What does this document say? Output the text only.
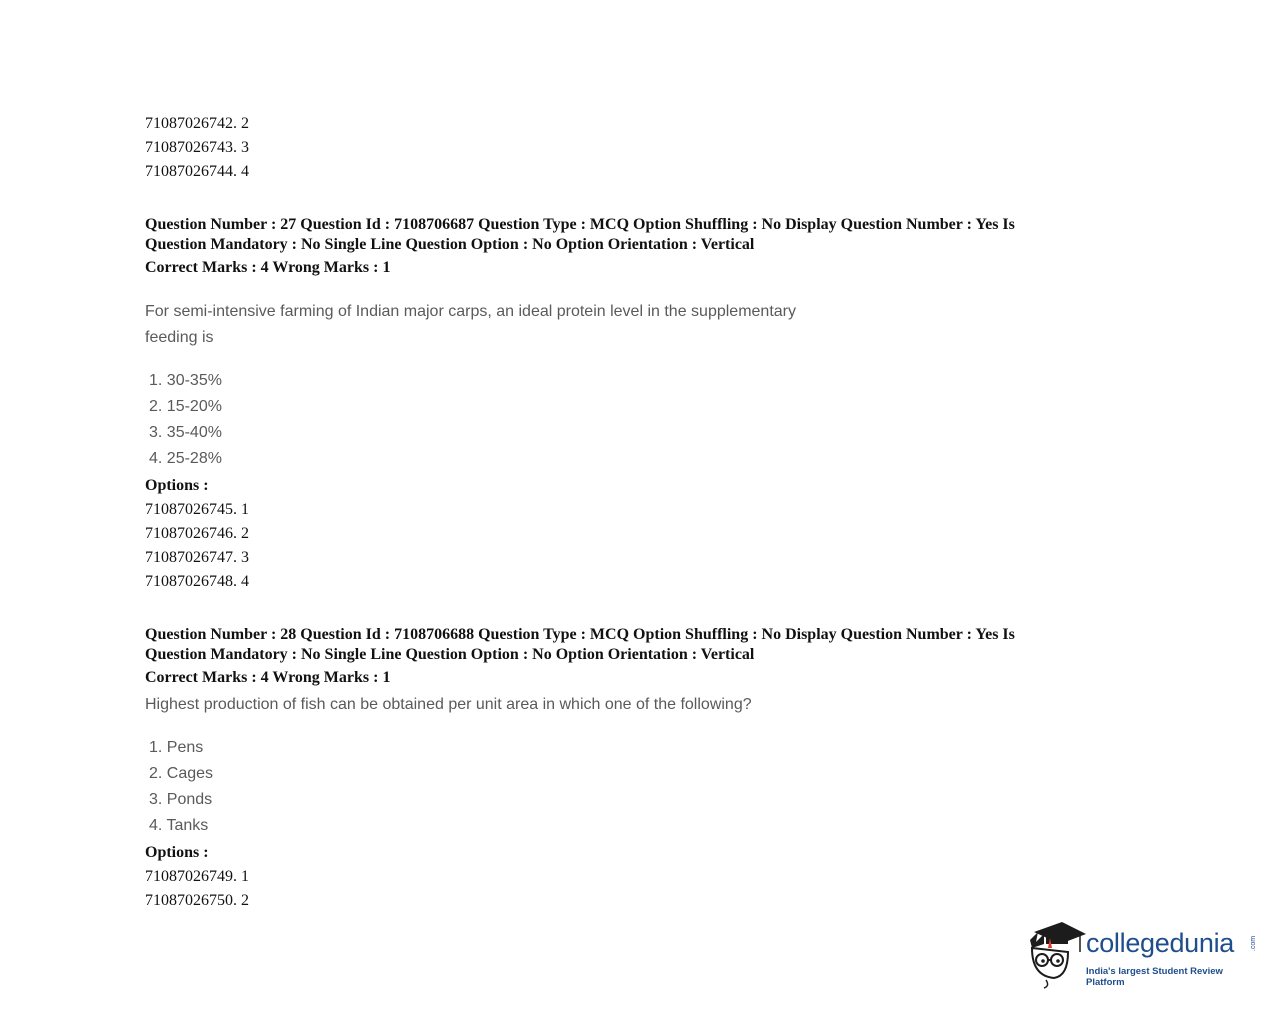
71087026742. 2
71087026743. 3
71087026744. 4
Question Number : 27 Question Id : 7108706687 Question Type : MCQ Option Shuffling : No Display Question Number : Yes Is
Question Mandatory : No Single Line Question Option : No Option Orientation : Vertical
Correct Marks : 4 Wrong Marks : 1
For semi-intensive farming of Indian major carps, an ideal protein level in the supplementary
feeding is
1. 30-35%
2. 15-20%
3. 35-40%
4. 25-28%
Options :
71087026745. 1
71087026746. 2
71087026747. 3
71087026748. 4
Question Number : 28 Question Id : 7108706688 Question Type : MCQ Option Shuffling : No Display Question Number : Yes Is
Question Mandatory : No Single Line Question Option : No Option Orientation : Vertical
Correct Marks : 4 Wrong Marks : 1
Highest production of fish can be obtained per unit area in which one of the following?
1. Pens
2. Cages
3. Ponds
4. Tanks
Options :
71087026749. 1
71087026750. 2
collegedunia .com
India's largest Student Review Platform
